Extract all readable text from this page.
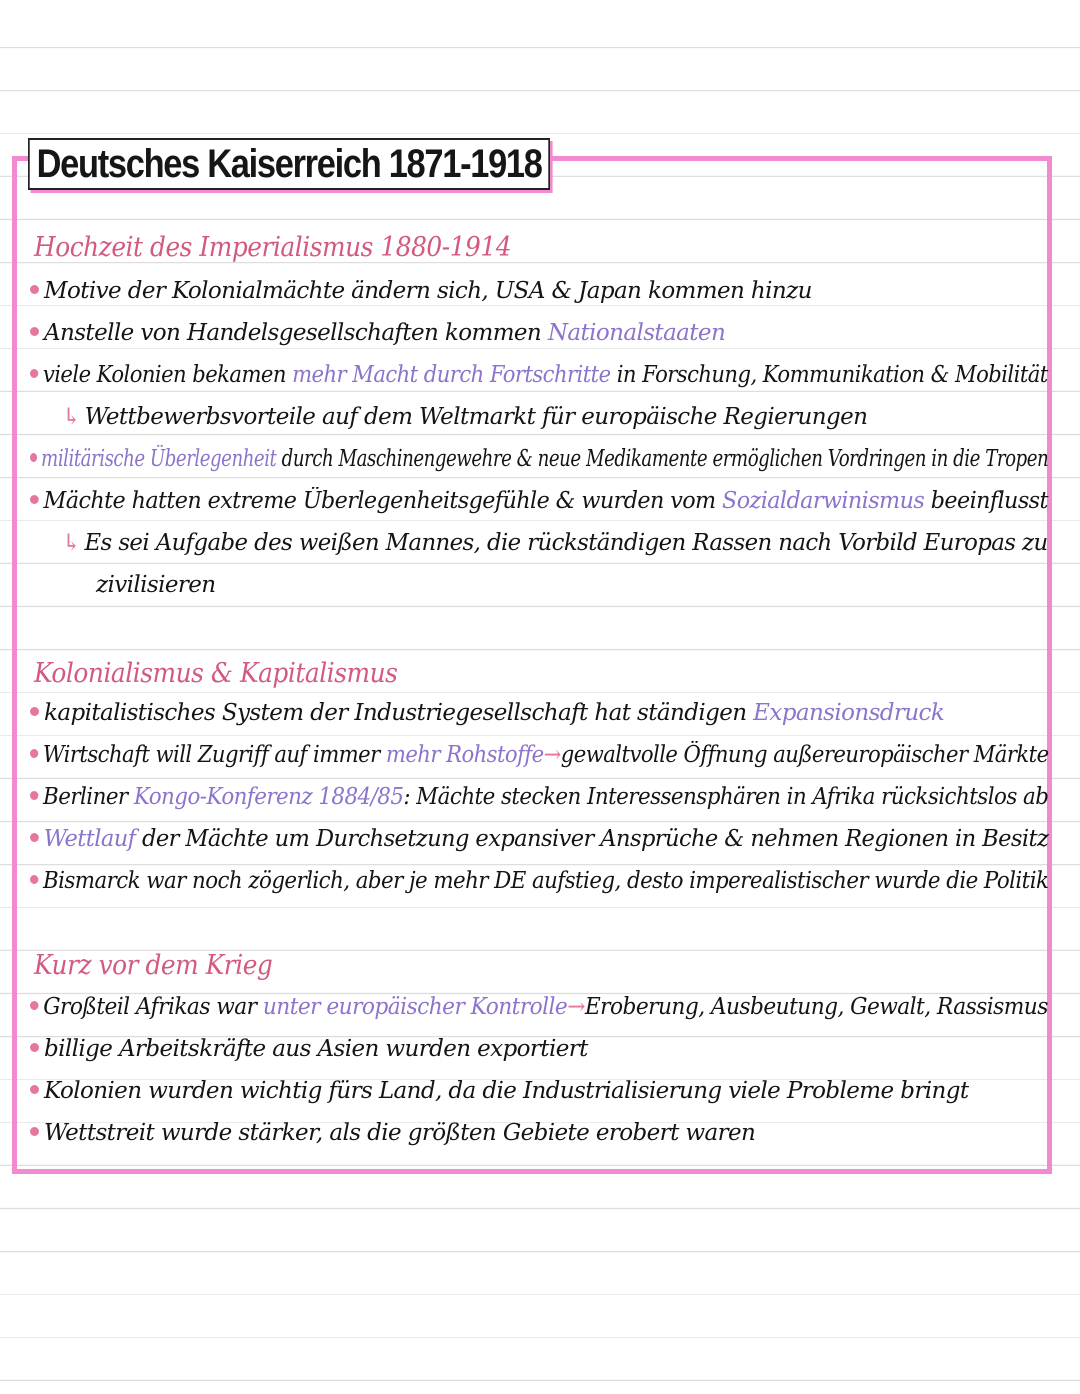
Deutsches Kaiserreich 1871-1918
Hochzeit des Imperialismus 1880-1914
Motive der Kolonialmächte ändern sich, USA & Japan kommen hinzu
Anstelle von Handelsgesellschaften kommen Nationalstaaten
viele Kolonien bekamen mehr Macht durch Fortschritte in Forschung, Kommunikation & Mobilität
↳ Wettbewerbsvorteile auf dem Weltmarkt für europäische Regierungen
militärische Überlegenheit durch Maschinengewehre & neue Medikamente ermöglichen Vordringen in die Tropen
Mächte hatten extreme Überlegenheitsgefühle & wurden vom Sozialdarwinismus beeinflusst
↳ Es sei Aufgabe des weißen Mannes, die rückständigen Rassen nach Vorbild Europas zu
zivilisieren
Kolonialismus & Kapitalismus
kapitalistisches System der Industriegesellschaft hat ständigen Expansionsdruck
Wirtschaft will Zugriff auf immer mehr Rohstoffe→gewaltvolle Öffnung außereuropäischer Märkte
Berliner Kongo-Konferenz 1884/85: Mächte stecken Interessensphären in Afrika rücksichtslos ab
Wettlauf der Mächte um Durchsetzung expansiver Ansprüche & nehmen Regionen in Besitz
Bismarck war noch zögerlich, aber je mehr DE aufstieg, desto imperealistischer wurde die Politik
Kurz vor dem Krieg
Großteil Afrikas war unter europäischer Kontrolle→Eroberung, Ausbeutung, Gewalt, Rassismus
billige Arbeitskräfte aus Asien wurden exportiert
Kolonien wurden wichtig fürs Land, da die Industrialisierung viele Probleme bringt
Wettstreit wurde stärker, als die größten Gebiete erobert waren
